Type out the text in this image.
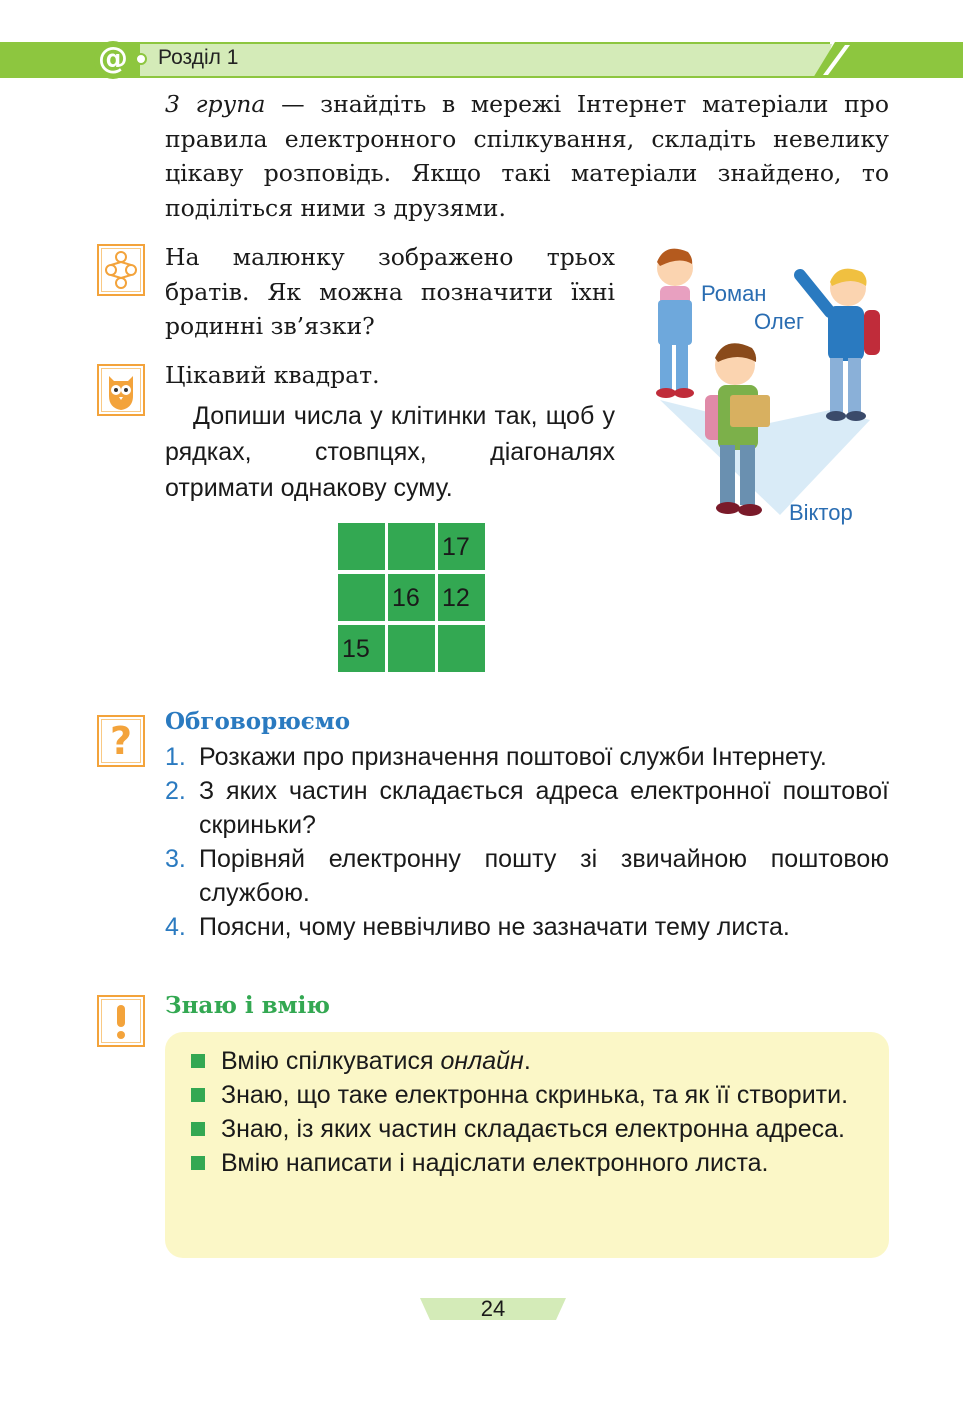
@ Розділ 1

3 група — знайдіть в мережі Інтернет матеріали про правила електронного спілкування, складіть невелику цікаву розповідь. Якщо такі матеріали знайдено, то поділіться ними з друзями.

На малюнку зображено трьох братів. Як можна позначити їхні родинні зв’язки?

Цікавий квадрат.

Допиши числа у клітинки так, щоб у рядках, стовпцях, діагоналях отримати однакову суму.

Роман
Олег
Віктор
17
16 12
15
?	Обговорюємо
1. Розкажи про призначення поштової служби Інтернету.
2. З яких частин складається адреса електронної поштової скриньки?
3. Порівняй електронну пошту зі звичайною поштовою службою.
4. Поясни, чому неввічливо не зазначати тему листа.
Знаю і вмію
Вмію спілкуватися онлайн.
Знаю, що таке електронна скринька, та як її створити.
Знаю, із яких частин складається електронна адреса.
Вмію написати і надіслати електронного листа.
24
